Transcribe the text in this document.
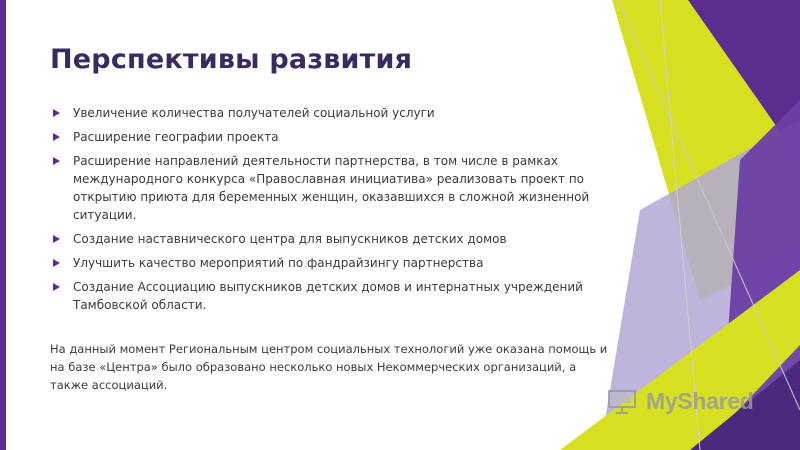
Перспективы развития
Увеличение количества получателей социальной услуги
Расширение географии проекта
Расширение направлений деятельности партнерства, в том числе в рамках международного конкурса «Православная инициатива» реализовать проект по открытию приюта для беременных женщин, оказавшихся в сложной жизненной ситуации.
Создание наставнического центра для выпускников детских домов
Улучшить качество мероприятий по фандрайзингу партнерства
Создание Ассоциацию выпускников детских домов и интернатных учреждений Тамбовской области.

На данный момент Региональным центром социальных технологий уже оказана помощь и на базе «Центра» было образовано несколько новых Некоммерческих организаций, а также ассоциаций.

MyShared
